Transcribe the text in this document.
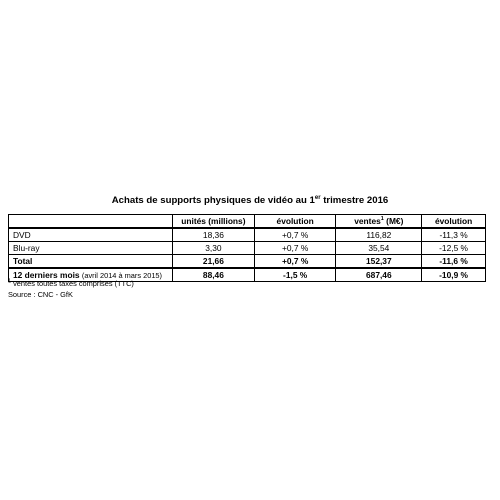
Achats de supports physiques de vidéo au 1er trimestre 2016
	unités (millions)	évolution	ventes$^1$ (M€)	évolution
DVD	18,36	+0,7 %	116,82	-11,3 %
Blu-ray	3,30	+0,7 %	35,54	-12,5 %
Total	21,66	+0,7 %	152,37	-11,6 %
12 derniers mois (avril 2014 à mars 2015)	88,46	-1,5 %	687,46	-10,9 %
$^1$ ventes toutes taxes comprises (TTC)
Source : CNC - GfK
